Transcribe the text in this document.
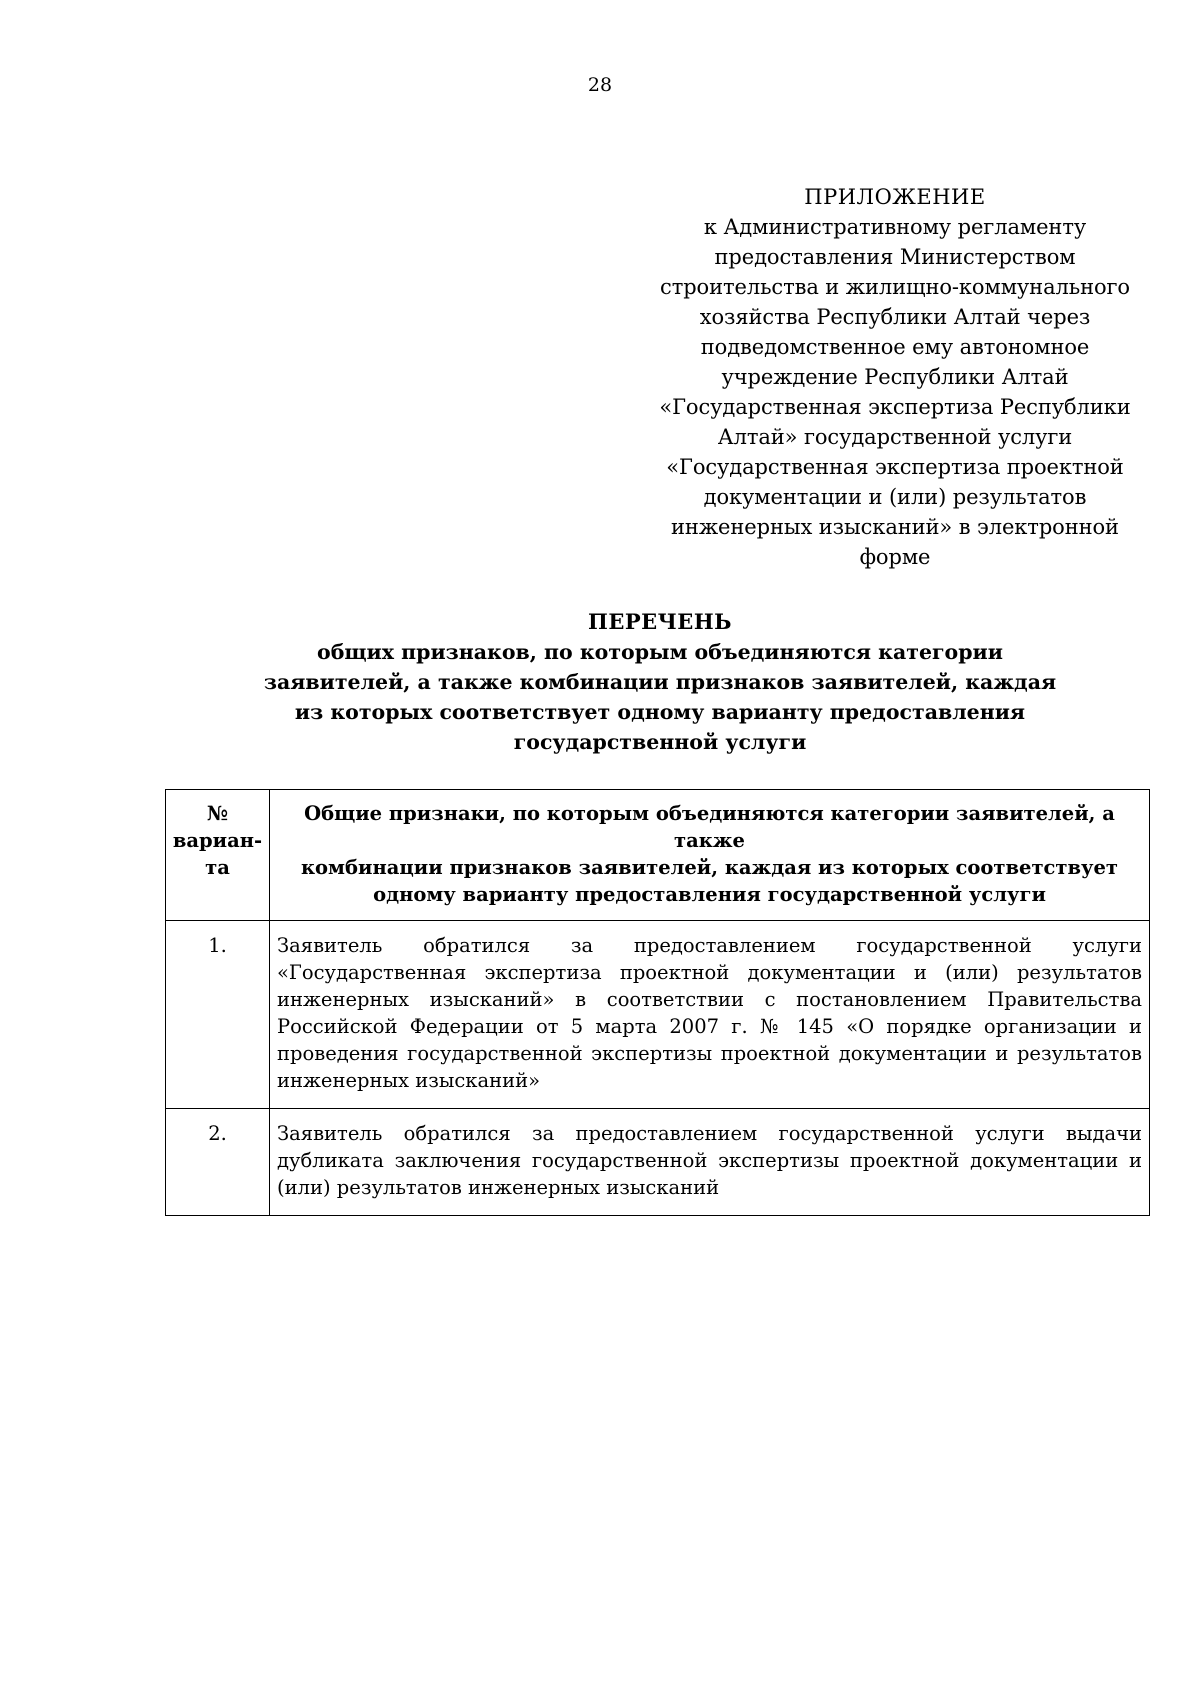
28
ПРИЛОЖЕНИЕ
к Административному регламенту
предоставления Министерством
строительства и жилищно-коммунального
хозяйства Республики Алтай через
подведомственное ему автономное
учреждение Республики Алтай
«Государственная экспертиза Республики
Алтай» государственной услуги
«Государственная экспертиза проектной
документации и (или) результатов
инженерных изысканий» в электронной
форме
ПЕРЕЧЕНЬ
общих признаков, по которым объединяются категории
заявителей, а также комбинации признаков заявителей, каждая
из которых соответствует одному варианту предоставления
государственной услуги
№
вариан-
та	Общие признаки, по которым объединяются категории заявителей, а также
комбинации признаков заявителей, каждая из которых соответствует
одному варианту предоставления государственной услуги

1.	Заявитель обратился за предоставлением государственной услуги «Государственная экспертиза проектной документации и (или) результатов инженерных изысканий» в соответствии с постановлением Правительства Российской Федерации от 5 марта 2007 г. № 145 «О порядке организации и проведения государственной экспертизы проектной документации и результатов инженерных изысканий»
2.	Заявитель обратился за предоставлением государственной услуги выдачи дубликата заключения государственной экспертизы проектной документации и (или) результатов инженерных изысканий
